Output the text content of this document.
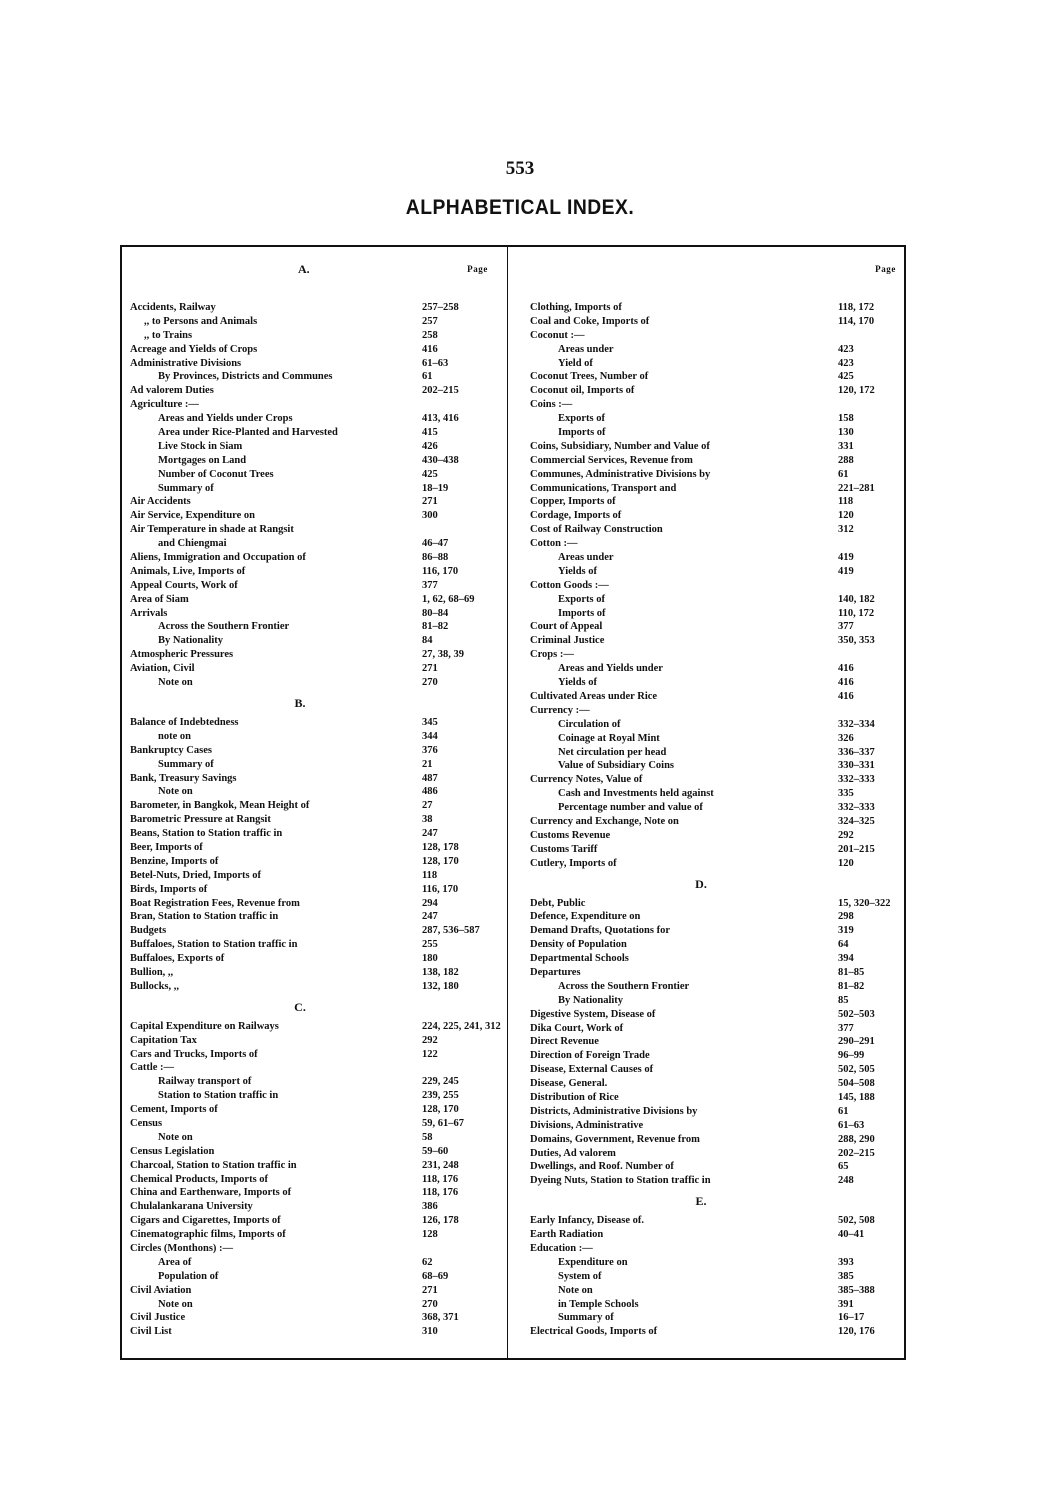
553
ALPHABETICAL INDEX.
A.	Page
Accidents, Railway	257–258
,, to Persons and Animals	257
,, to Trains	258
Acreage and Yields of Crops	416
Administrative Divisions	61–63
By Provinces, Districts and Communes	61
Ad valorem Duties	202–215
Agriculture :—
Areas and Yields under Crops	413, 416
Area under Rice-Planted and Harvested	415
Live Stock in Siam	426
Mortgages on Land	430–438
Number of Coconut Trees	425
Summary of	18–19
Air Accidents	271
Air Service, Expenditure on	300
Air Temperature in shade at Rangsit
and Chiengmai	46–47
Aliens, Immigration and Occupation of	86–88
Animals, Live, Imports of	116, 170
Appeal Courts, Work of	377
Area of Siam	1, 62, 68–69
Arrivals	80–84
Across the Southern Frontier	81–82
By Nationality	84
Atmospheric Pressures	27, 38, 39
Aviation, Civil	271
Note on	270
B.
Balance of Indebtedness	345
note on	344
Bankruptcy Cases	376
Summary of	21
Bank, Treasury Savings	487
Note on	486
Barometer, in Bangkok, Mean Height of	27
Barometric Pressure at Rangsit	38
Beans, Station to Station traffic in	247
Beer, Imports of	128, 178
Benzine, Imports of	128, 170
Betel-Nuts, Dried, Imports of	118
Birds, Imports of	116, 170
Boat Registration Fees, Revenue from	294
Bran, Station to Station traffic in	247
Budgets	287, 536–587
Buffaloes, Station to Station traffic in	255
Buffaloes, Exports of	180
Bullion, ,,	138, 182
Bullocks, ,,	132, 180
C.
Capital Expenditure on Railways	224, 225, 241, 312
Capitation Tax	292
Cars and Trucks, Imports of	122
Cattle :—
Railway transport of	229, 245
Station to Station traffic in	239, 255
Cement, Imports of	128, 170
Census	59, 61–67
Note on	58
Census Legislation	59–60
Charcoal, Station to Station traffic in	231, 248
Chemical Products, Imports of	118, 176
China and Earthenware, Imports of	118, 176
Chulalankarana University	386
Cigars and Cigarettes, Imports of	126, 178
Cinematographic films, Imports of	128
Circles (Monthons) :—
Area of	62
Population of	68–69
Civil Aviation	271
Note on	270
Civil Justice	368, 371
Civil List	310
Page
Clothing, Imports of	118, 172
Coal and Coke, Imports of	114, 170
Coconut :—
Areas under	423
Yield of	423
Coconut Trees, Number of	425
Coconut oil, Imports of	120, 172
Coins :—
Exports of	158
Imports of	130
Coins, Subsidiary, Number and Value of	331
Commercial Services, Revenue from	288
Communes, Administrative Divisions by	61
Communications, Transport and	221–281
Copper, Imports of	118
Cordage, Imports of	120
Cost of Railway Construction	312
Cotton :—
Areas under	419
Yields of	419
Cotton Goods :—
Exports of	140, 182
Imports of	110, 172
Court of Appeal	377
Criminal Justice	350, 353
Crops :—
Areas and Yields under	416
Yields of	416
Cultivated Areas under Rice	416
Currency :—
Circulation of	332–334
Coinage at Royal Mint	326
Net circulation per head	336–337
Value of Subsidiary Coins	330–331
Currency Notes, Value of	332–333
Cash and Investments held against	335
Percentage number and value of	332–333
Currency and Exchange, Note on	324–325
Customs Revenue	292
Customs Tariff	201–215
Cutlery, Imports of	120
D.
Debt, Public	15, 320–322
Defence, Expenditure on	298
Demand Drafts, Quotations for	319
Density of Population	64
Departmental Schools	394
Departures	81–85
Across the Southern Frontier	81–82
By Nationality	85
Digestive System, Disease of	502–503
Dika Court, Work of	377
Direct Revenue	290–291
Direction of Foreign Trade	96–99
Disease, External Causes of	502, 505
Disease, General.	504–508
Distribution of Rice	145, 188
Districts, Administrative Divisions by	61
Divisions, Administrative	61–63
Domains, Government, Revenue from	288, 290
Duties, Ad valorem	202–215
Dwellings, and Roof. Number of	65
Dyeing Nuts, Station to Station traffic in	248
E.
Early Infancy, Disease of.	502, 508
Earth Radiation	40–41
Education :—
Expenditure on	393
System of	385
Note on	385–388
in Temple Schools	391
Summary of	16–17
Electrical Goods, Imports of	120, 176
